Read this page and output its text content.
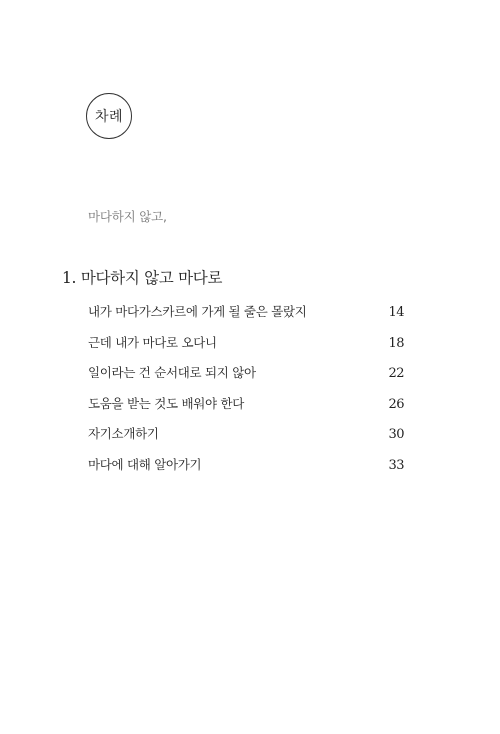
차례
마다하지 않고,
1. 마다하지 않고 마다로
내가 마다가스카르에 가게 될 줄은 몰랐지	14
근데 내가 마다로 오다니	18
일이라는 건 순서대로 되지 않아	22
도움을 받는 것도 배워야 한다	26
자기소개하기	30
마다에 대해 알아가기	33
